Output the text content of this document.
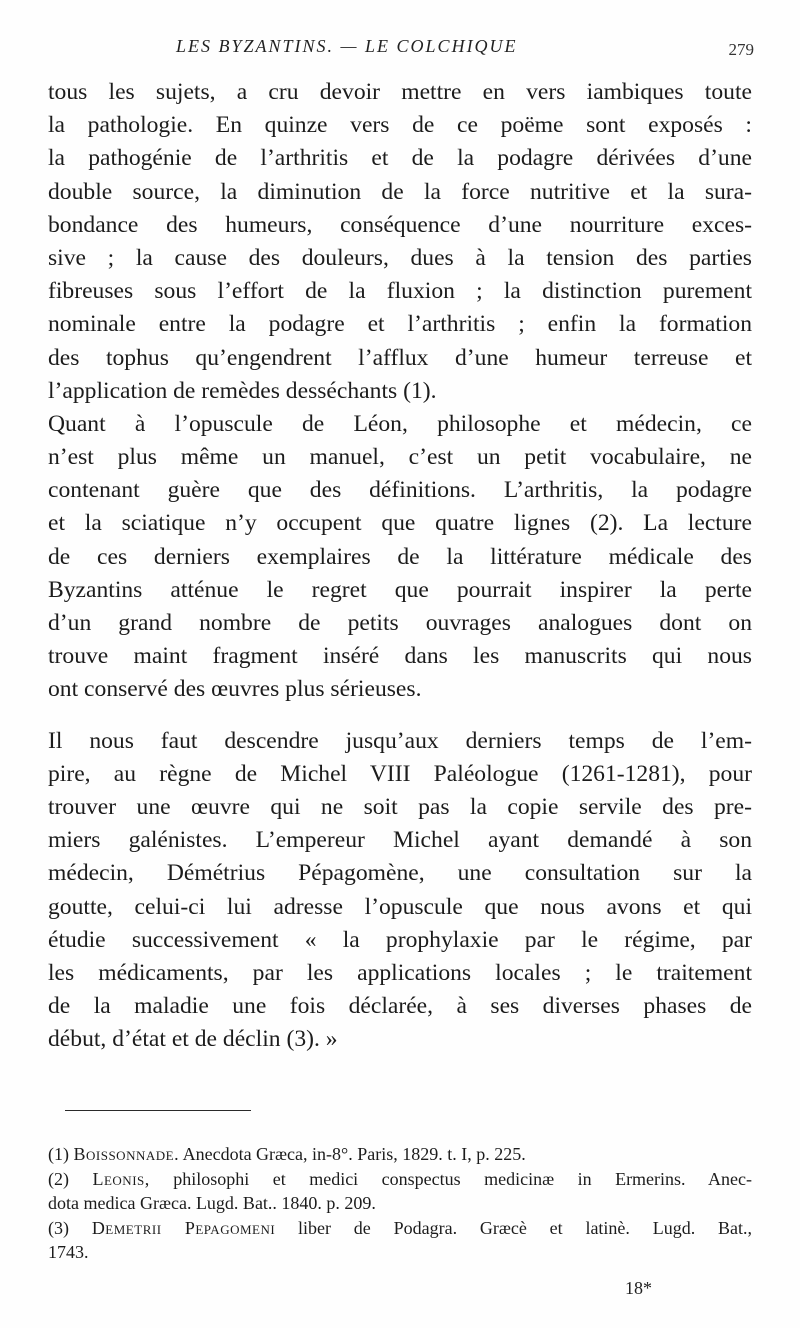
LES BYZANTINS. — LE COLCHIQUE	279
tous les sujets, a cru devoir mettre en vers iambiques toute
la pathologie. En quinze vers de ce poëme sont exposés :
la pathogénie de l’arthritis et de la podagre dérivées d’une
double source, la diminution de la force nutritive et la sura-
bondance des humeurs, conséquence d’une nourriture exces-
sive ; la cause des douleurs, dues à la tension des parties
fibreuses sous l’effort de la fluxion ; la distinction purement
nominale entre la podagre et l’arthritis ; enfin la formation
des tophus qu’engendrent l’afflux d’une humeur terreuse et
l’application de remèdes desséchants (1).
Quant à l’opuscule de Léon, philosophe et médecin, ce
n’est plus même un manuel, c’est un petit vocabulaire, ne
contenant guère que des définitions. L’arthritis, la podagre
et la sciatique n’y occupent que quatre lignes (2). La lecture
de ces derniers exemplaires de la littérature médicale des
Byzantins atténue le regret que pourrait inspirer la perte
d’un grand nombre de petits ouvrages analogues dont on
trouve maint fragment inséré dans les manuscrits qui nous
ont conservé des œuvres plus sérieuses.
Il nous faut descendre jusqu’aux derniers temps de l’em-
pire, au règne de Michel VIII Paléologue (1261-1281), pour
trouver une œuvre qui ne soit pas la copie servile des pre-
miers galénistes. L’empereur Michel ayant demandé à son
médecin, Démétrius Pépagomène, une consultation sur la
goutte, celui-ci lui adresse l’opuscule que nous avons et qui
étudie successivement « la prophylaxie par le régime, par
les médicaments, par les applications locales ; le traitement
de la maladie une fois déclarée, à ses diverses phases de
début, d’état et de déclin (3). »
(1) Boissonnade. Anecdota Græca, in-8°. Paris, 1829. t. I, p. 225.
(2) Leonis, philosophi et medici conspectus medicinæ in Ermerins. Anec-
dota medica Græca. Lugd. Bat.. 1840. p. 209.
(3) Demetrii Pepagomeni liber de Podagra. Græcè et latinè. Lugd. Bat.,
1743.
18*
